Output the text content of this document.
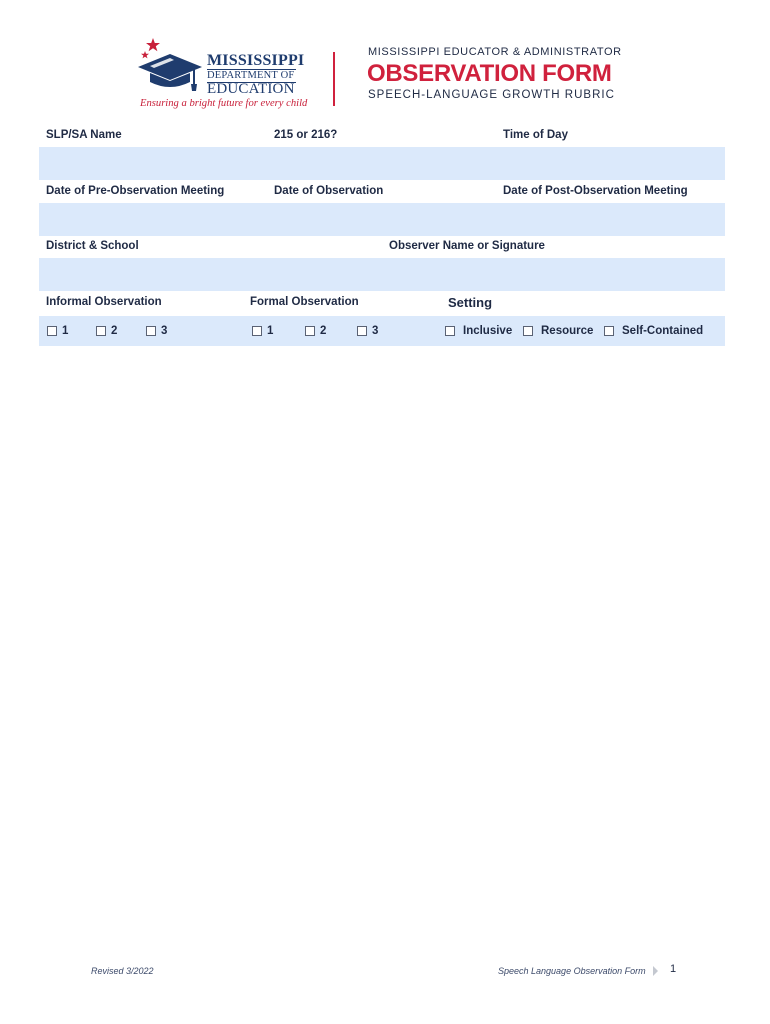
MISSISSIPPI
DEPARTMENT OF
EDUCATION
Ensuring a bright future for every child
MISSISSIPPI EDUCATOR & ADMINISTRATOR
OBSERVATION FORM
SPEECH-LANGUAGE GROWTH RUBRIC
SLP/SA Name	215 or 216?	Time of Day
Date of Pre-Observation Meeting	Date of Observation	Date of Post-Observation Meeting
District & School	Observer Name or Signature
Informal Observation	Formal Observation	Setting
1	2	3	1	2	3	Inclusive	Resource Self-Contained
Revised 3/2022	Speech Language Observation Form 1
